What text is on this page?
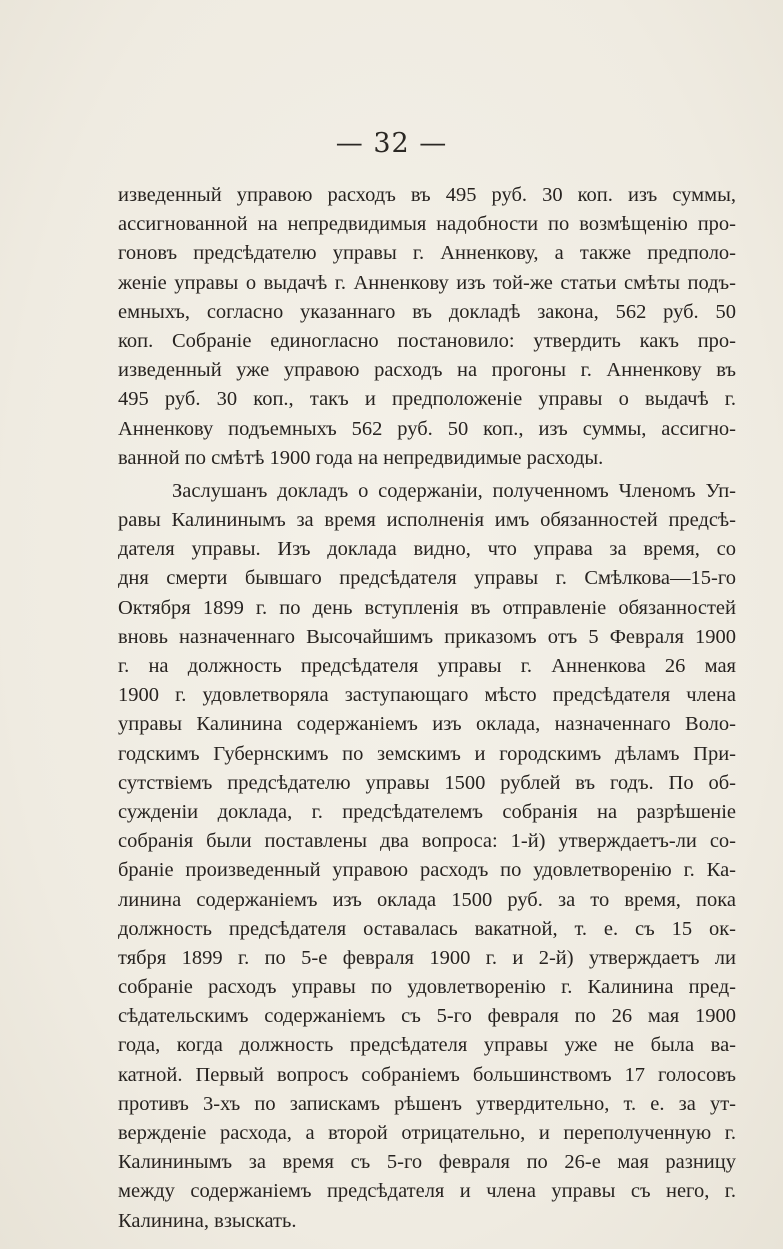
— 32 —
изведенный управою расходъ въ 495 руб. 30 коп. изъ суммы,
ассигнованной на непредвидимыя надобности по возмѣщенію про-
гоновъ предсѣдателю управы г. Анненкову, а также предполо-
женіе управы о выдачѣ г. Анненкову изъ той-же статьи смѣты подъ-
емныхъ, согласно указаннаго въ докладѣ закона, 562 руб. 50
коп. Собраніе единогласно постановило: утвердить какъ про-
изведенный уже управою расходъ на прогоны г. Анненкову въ
495 руб. 30 коп., такъ и предположеніе управы о выдачѣ г.
Анненкову подъемныхъ 562 руб. 50 коп., изъ суммы, ассигно-
ванной по смѣтѣ 1900 года на непредвидимые расходы.
Заслушанъ докладъ о содержаніи, полученномъ Членомъ Уп-
равы Калининымъ за время исполненія имъ обязанностей предсѣ-
дателя управы. Изъ доклада видно, что управа за время, со
дня смерти бывшаго предсѣдателя управы г. Смѣлкова—15-го
Октября 1899 г. по день вступленія въ отправленіе обязанностей
вновь назначеннаго Высочайшимъ приказомъ отъ 5 Февраля 1900
г. на должность предсѣдателя управы г. Анненкова 26 мая
1900 г. удовлетворяла заступающаго мѣсто предсѣдателя члена
управы Калинина содержаніемъ изъ оклада, назначеннаго Воло-
годскимъ Губернскимъ по земскимъ и городскимъ дѣламъ При-
сутствіемъ предсѣдателю управы 1500 рублей въ годъ. По об-
сужденіи доклада, г. предсѣдателемъ собранія на разрѣшеніе
собранія были поставлены два вопроса: 1-й) утверждаетъ-ли со-
браніе произведенный управою расходъ по удовлетворенію г. Ка-
линина содержаніемъ изъ оклада 1500 руб. за то время, пока
должность предсѣдателя оставалась вакатной, т. е. съ 15 ок-
тября 1899 г. по 5-е февраля 1900 г. и 2-й) утверждаетъ ли
собраніе расходъ управы по удовлетворенію г. Калинина пред-
сѣдательскимъ содержаніемъ съ 5-го февраля по 26 мая 1900
года, когда должность предсѣдателя управы уже не была ва-
катной. Первый вопросъ собраніемъ большинствомъ 17 голосовъ
противъ 3-хъ по запискамъ рѣшенъ утвердительно, т. е. за ут-
вержденіе расхода, а второй отрицательно, и переполученную г.
Калининымъ за время съ 5-го февраля по 26-е мая разницу
между содержаніемъ предсѣдателя и члена управы съ него, г.
Калинина, взыскать.
